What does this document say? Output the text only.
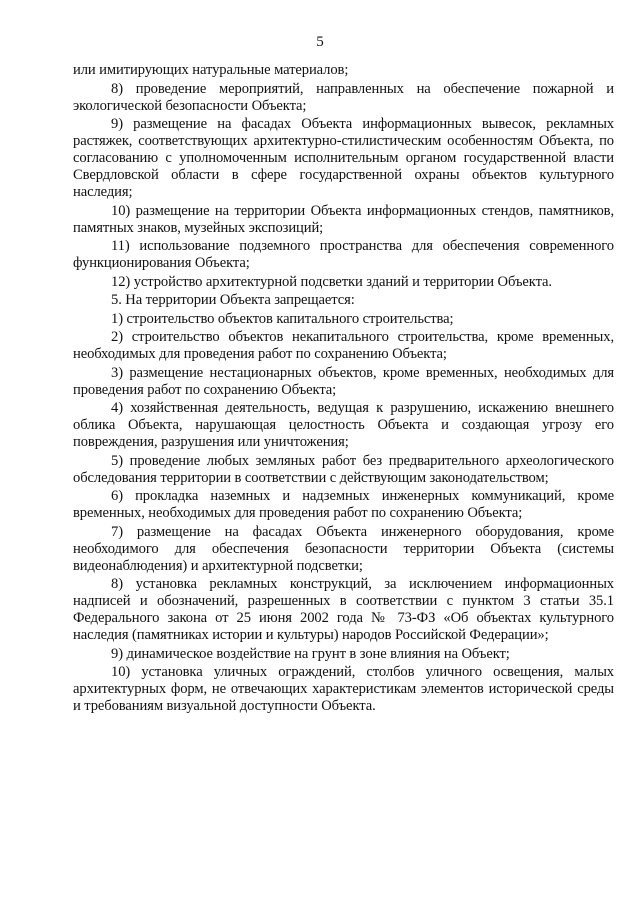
5

или имитирующих натуральные материалов;

8) проведение мероприятий, направленных на обеспечение пожарной и экологической безопасности Объекта;

9) размещение на фасадах Объекта информационных вывесок, рекламных растяжек, соответствующих архитектурно-стилистическим особенностям Объекта, по согласованию с уполномоченным исполнительным органом государственной власти Свердловской области в сфере государственной охраны объектов культурного наследия;

10) размещение на территории Объекта информационных стендов, памятников, памятных знаков, музейных экспозиций;

11) использование подземного пространства для обеспечения современного функционирования Объекта;

12) устройство архитектурной подсветки зданий и территории Объекта.

5. На территории Объекта запрещается:

1) строительство объектов капитального строительства;

2) строительство объектов некапитального строительства, кроме временных, необходимых для проведения работ по сохранению Объекта;

3) размещение нестационарных объектов, кроме временных, необходимых для проведения работ по сохранению Объекта;

4) хозяйственная деятельность, ведущая к разрушению, искажению внешнего облика Объекта, нарушающая целостность Объекта и создающая угрозу его повреждения, разрушения или уничтожения;

5) проведение любых земляных работ без предварительного археологического обследования территории в соответствии с действующим законодательством;

6) прокладка наземных и надземных инженерных коммуникаций, кроме временных, необходимых для проведения работ по сохранению Объекта;

7) размещение на фасадах Объекта инженерного оборудования, кроме необходимого для обеспечения безопасности территории Объекта (системы видеонаблюдения) и архитектурной подсветки;

8) установка рекламных конструкций, за исключением информационных надписей и обозначений, разрешенных в соответствии с пунктом 3 статьи 35.1 Федерального закона от 25 июня 2002 года № 73-ФЗ «Об объектах культурного наследия (памятниках истории и культуры) народов Российской Федерации»;

9) динамическое воздействие на грунт в зоне влияния на Объект;

10) установка уличных ограждений, столбов уличного освещения, малых архитектурных форм, не отвечающих характеристикам элементов исторической среды и требованиям визуальной доступности Объекта.
